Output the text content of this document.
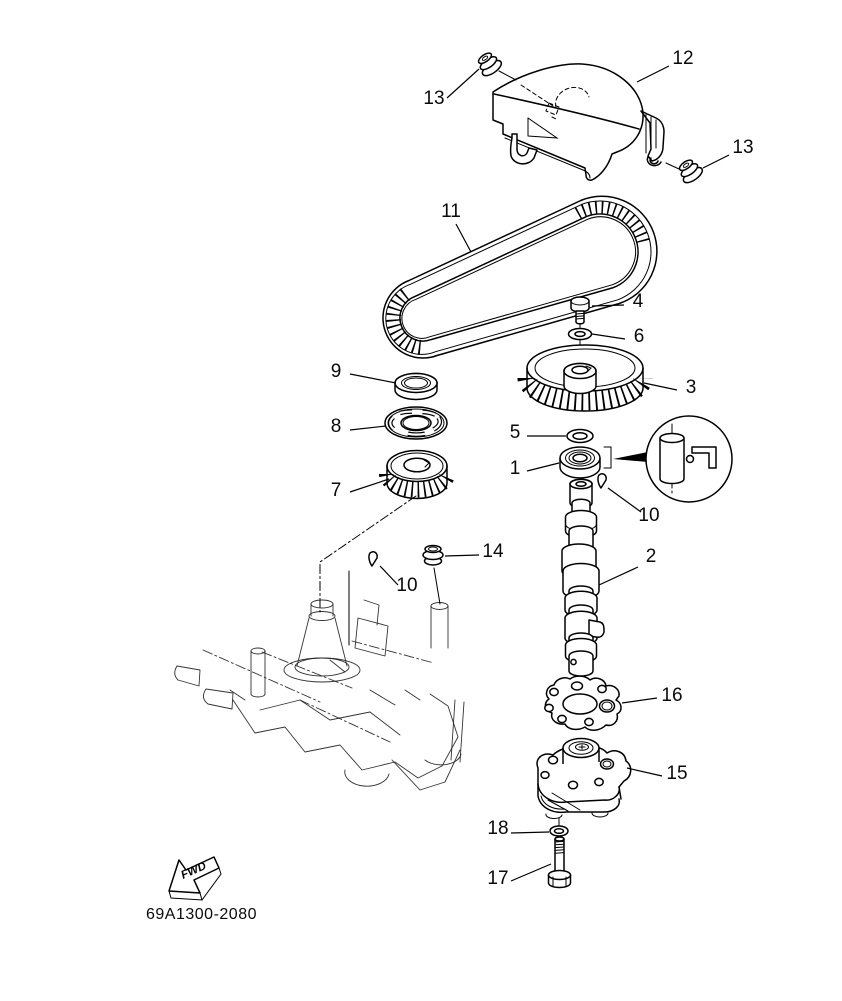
FWD
69A1300-2080
13
12
13
11
4
6
3
9
8	5
1
7
10
2
14
10
16
15
18
17
